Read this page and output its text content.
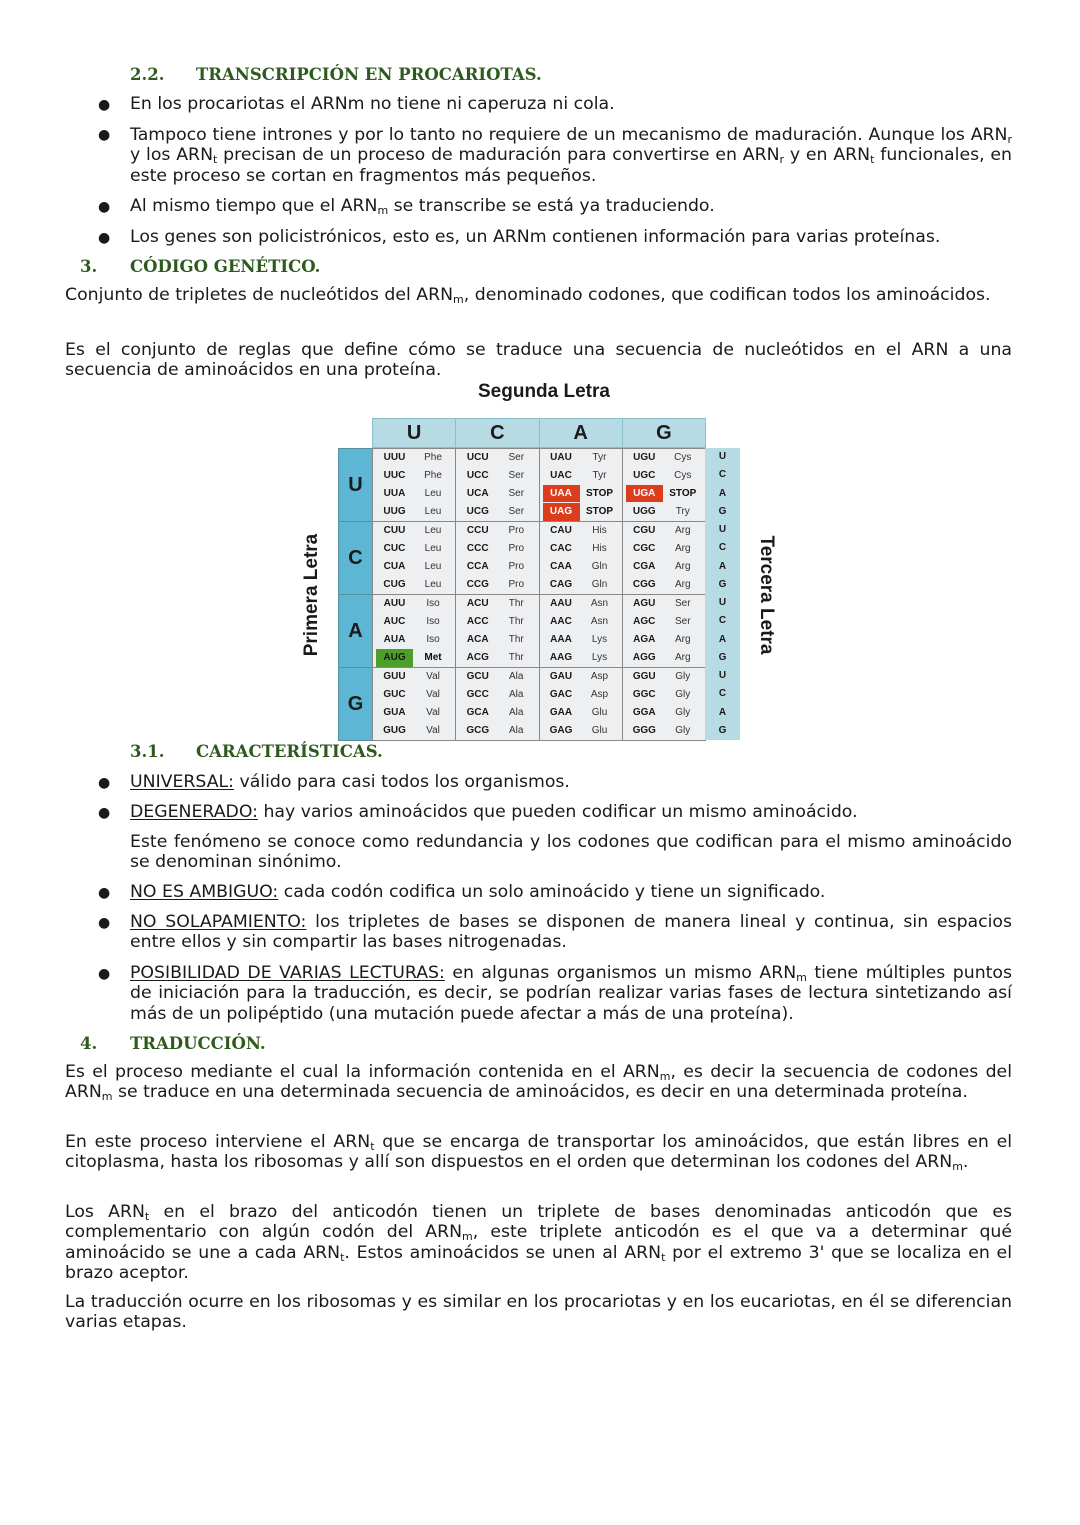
2.2. TRANSCRIPCIÓN EN PROCARIOTAS.
● En los procariotas el ARNm no tiene ni caperuza ni cola.
● Tampoco tiene intrones y por lo tanto no requiere de un mecanismo de maduración. Aunque los $ARN_r$ y los $ARN_t$ precisan de un proceso de maduración para convertirse en $ARN_r$ y en $ARN_t$ funcionales, en este proceso se cortan en fragmentos más pequeños.
● Al mismo tiempo que el $ARN_m$ se transcribe se está ya traduciendo.
● Los genes son policistrónicos, esto es, un ARNm contienen información para varias proteínas.
3. CÓDIGO GENÉTICO.
Conjunto de tripletes de nucleótidos del $ARN_m$, denominado codones, que codifican todos los aminoácidos.
Es el conjunto de reglas que define cómo se traduce una secuencia de nucleótidos en el ARN a una secuencia de aminoácidos en una proteína.
Segunda Letra
Primera Letra	Tercera Letra
U	C	A	G
U
C
A
G
UUU	Phe	UCU	Ser	UAU	Tyr	UGU	Cys	U
UUC	Phe	UCC	Ser	UAC	Tyr	UGC	Cys	C
UUA	Leu	UCA	Ser	UAA	STOP	UGA	STOP	A
UUG	Leu	UCG	Ser	UAG	STOP	UGG	Try	G
CUU	Leu	CCU	Pro	CAU	His	CGU	Arg	U
CUC	Leu	CCC	Pro	CAC	His	CGC	Arg	C
CUA	Leu	CCA	Pro	CAA	Gln	CGA	Arg	A
CUG	Leu	CCG	Pro	CAG	Gln	CGG	Arg	G
AUU	Iso	ACU	Thr	AAU	Asn	AGU	Ser	U
AUC	Iso	ACC	Thr	AAC	Asn	AGC	Ser	C
AUA	Iso	ACA	Thr	AAA	Lys	AGA	Arg	A
AUG	Met	ACG	Thr	AAG	Lys	AGG	Arg	G
GUU	Val	GCU	Ala	GAU	Asp	GGU	Gly	U
GUC	Val	GCC	Ala	GAC	Asp	GGC	Gly	C
GUA	Val	GCA	Ala	GAA	Glu	GGA	Gly	A
GUG	Val	GCG	Ala	GAG	Glu	GGG	Gly	G
3.1. CARACTERÍSTICAS.
● UNIVERSAL: válido para casi todos los organismos.
● DEGENERADO: hay varios aminoácidos que pueden codificar un mismo aminoácido.
Este fenómeno se conoce como redundancia y los codones que codifican para el mismo aminoácido se denominan sinónimo.
● NO ES AMBIGUO: cada codón codifica un solo aminoácido y tiene un significado.
● NO SOLAPAMIENTO: los tripletes de bases se disponen de manera lineal y continua, sin espacios entre ellos y sin compartir las bases nitrogenadas.
● POSIBILIDAD DE VARIAS LECTURAS: en algunas organismos un mismo $ARN_m$ tiene múltiples puntos de iniciación para la traducción, es decir, se podrían realizar varias fases de lectura sintetizando así más de un polipéptido (una mutación puede afectar a más de una proteína).
4. TRADUCCIÓN.
Es el proceso mediante el cual la información contenida en el $ARN_m$, es decir la secuencia de codones del $ARN_m$ se traduce en una determinada secuencia de aminoácidos, es decir en una determinada proteína.
En este proceso interviene el $ARN_t$ que se encarga de transportar los aminoácidos, que están libres en el citoplasma, hasta los ribosomas y allí son dispuestos en el orden que determinan los codones del $ARN_m$.
Los $ARN_t$ en el brazo del anticodón tienen un triplete de bases denominadas anticodón que es complementario con algún codón del $ARN_m$, este triplete anticodón es el que va a determinar qué aminoácido se une a cada $ARN_t$. Estos aminoácidos se unen al $ARN_t$ por el extremo 3' que se localiza en el brazo aceptor.
La traducción ocurre en los ribosomas y es similar en los procariotas y en los eucariotas, en él se diferencian varias etapas.
